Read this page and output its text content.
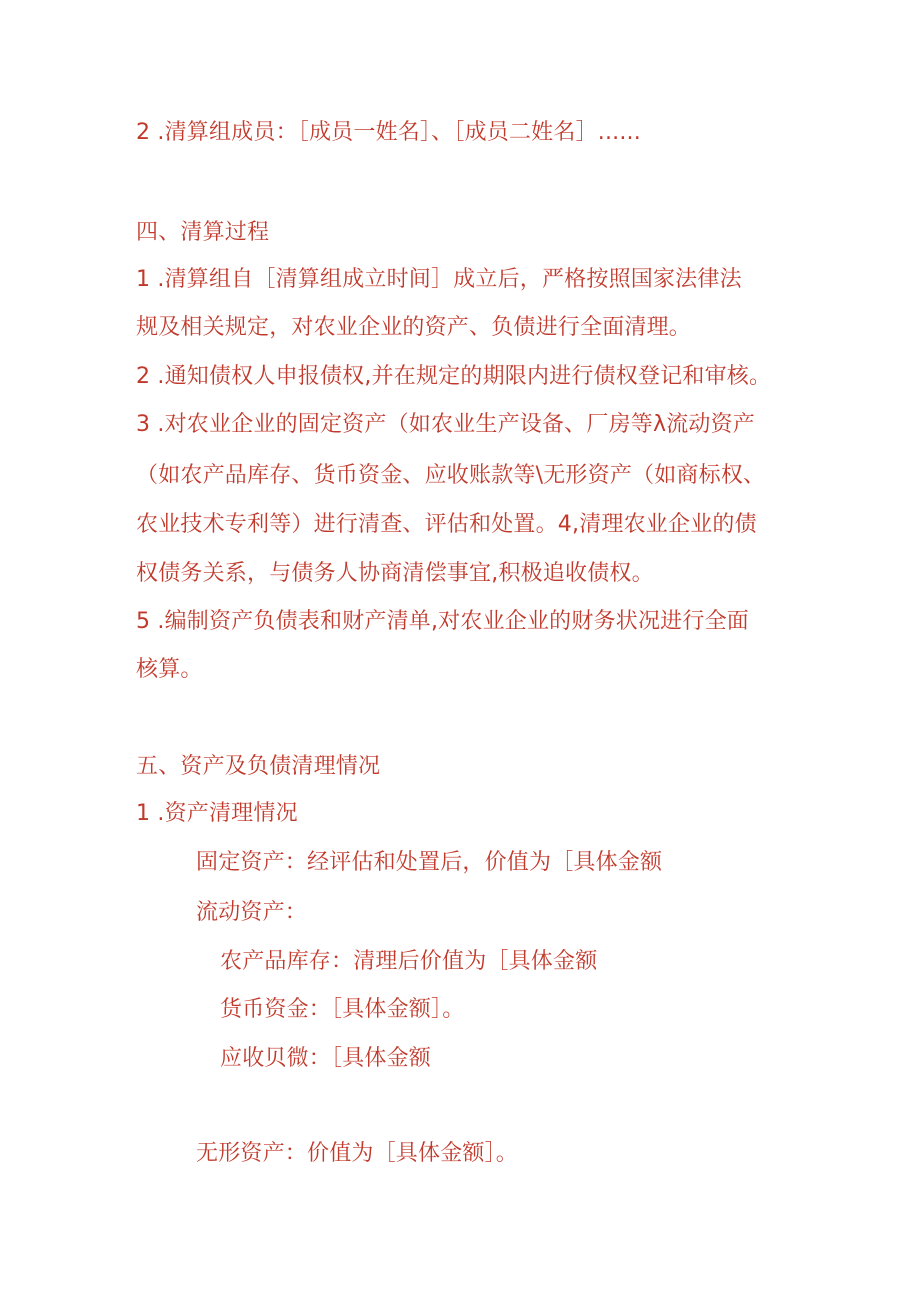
2 .清算组成员：［成员一姓名］、［成员二姓名］......
四、清算过程
1 .清算组自［清算组成立时间］成立后，严格按照国家法律法
规及相关规定，对农业企业的资产、负债进行全面清理。
2 .通知债权人申报债权,并在规定的期限内进行债权登记和审核。
3 .对农业企业的固定资产（如农业生产设备、厂房等λ流动资产
（如农产品库存、货币资金、应收账款等\无形资产（如商标权、
农业技术专利等）进行清查、评估和处置。4,清理农业企业的债
权债务关系，与债务人协商清偿事宜,积极追收债权。
5 .编制资产负债表和财产清单,对农业企业的财务状况进行全面
核算。
五、资产及负债清理情况
1 .资产清理情况
固定资产：经评估和处置后，价值为［具体金额
流动资产：
农产品库存：清理后价值为［具体金额
货币资金：［具体金额］。
应收贝微：［具体金额
无形资产：价值为［具体金额］。
